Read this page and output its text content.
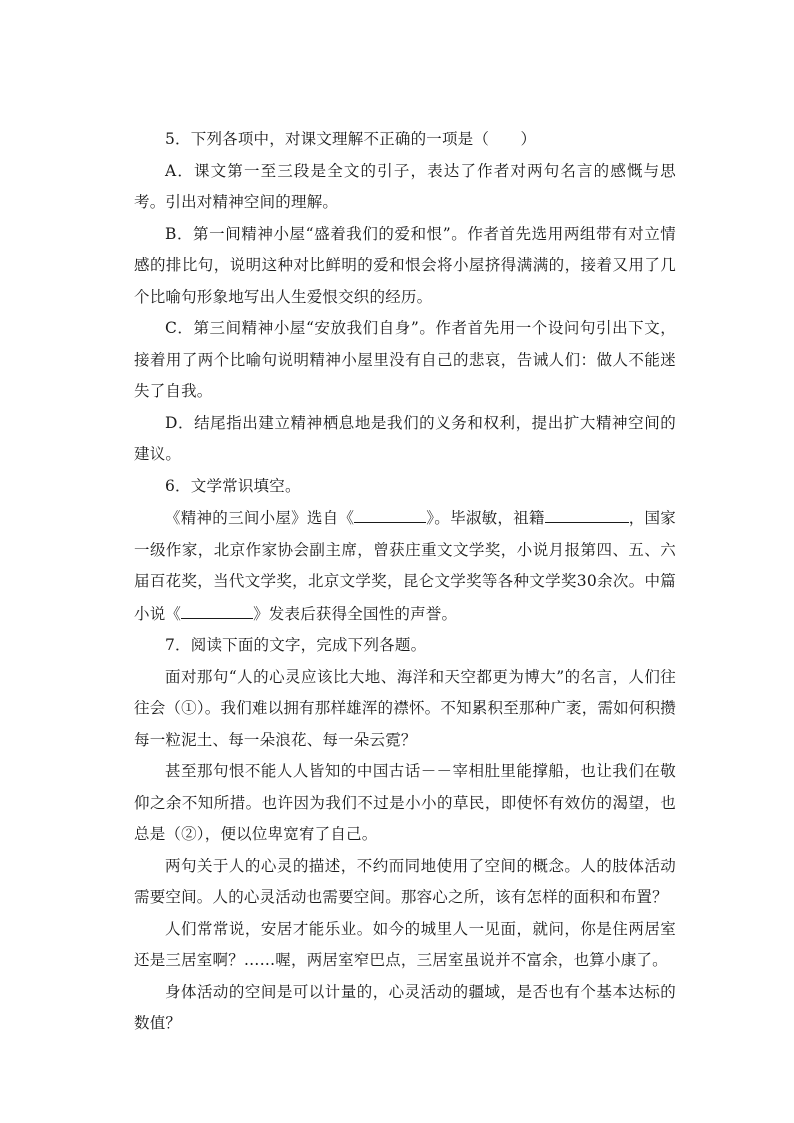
5．下列各项中，对课文理解不正确的一项是（　　）

A．课文第一至三段是全文的引子，表达了作者对两句名言的感慨与思考。引出对精神空间的理解。

B．第一间精神小屋“盛着我们的爱和恨”。作者首先选用两组带有对立情感的排比句，说明这种对比鲜明的爱和恨会将小屋挤得满满的，接着又用了几个比喻句形象地写出人生爱恨交织的经历。

C．第三间精神小屋“安放我们自身”。作者首先用一个设问句引出下文，接着用了两个比喻句说明精神小屋里没有自己的悲哀，告诫人们：做人不能迷失了自我。

D．结尾指出建立精神栖息地是我们的义务和权利，提出扩大精神空间的建议。

6．文学常识填空。

《精神的三间小屋》选自《	》。毕淑敏，祖籍	，国家一级作家，北京作家协会副主席，曾获庄重文文学奖，小说月报第四、五、六届百花奖，当代文学奖，北京文学奖，昆仑文学奖等各种文学奖30余次。中篇小说《	》发表后获得全国性的声誉。

7．阅读下面的文字，完成下列各题。

面对那句“人的心灵应该比大地、海洋和天空都更为博大”的名言，人们往往会（①）。我们难以拥有那样雄浑的襟怀。不知累积至那种广袤，需如何积攒每一粒泥土、每一朵浪花、每一朵云霓？

甚至那句恨不能人人皆知的中国古话－－宰相肚里能撑船，也让我们在敬仰之余不知所措。也许因为我们不过是小小的草民，即使怀有效仿的渴望，也总是（②），便以位卑宽宥了自己。

两句关于人的心灵的描述，不约而同地使用了空间的概念。人的肢体活动需要空间。人的心灵活动也需要空间。那容心之所，该有怎样的面积和布置？

人们常常说，安居才能乐业。如今的城里人一见面，就问，你是住两居室还是三居室啊？……喔，两居室窄巴点，三居室虽说并不富余，也算小康了。

身体活动的空间是可以计量的，心灵活动的疆域，是否也有个基本达标的数值？
